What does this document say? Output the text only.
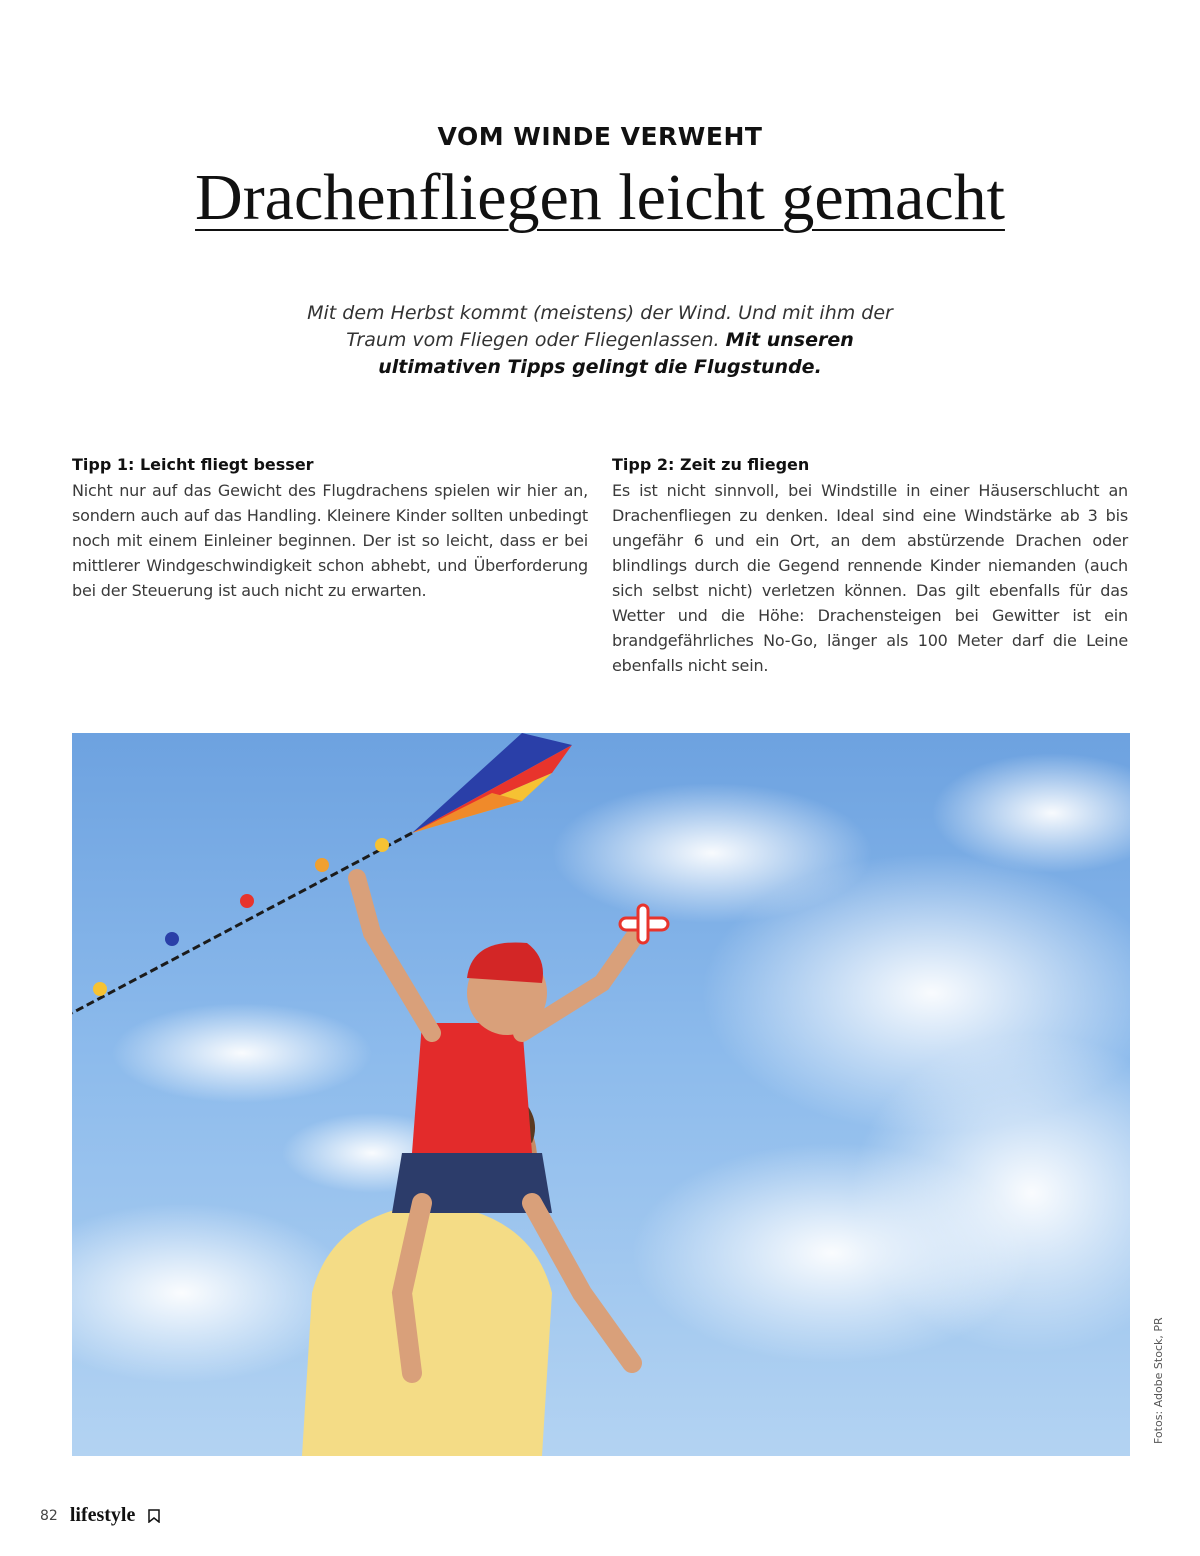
VOM WINDE VERWEHT
Drachenfliegen leicht gemacht
Mit dem Herbst kommt (meistens) der Wind. Und mit ihm der Traum vom Fliegen oder Fliegenlassen. Mit unseren ultimativen Tipps gelingt die Flugstunde.
Tipp 1: Leicht fliegt besser

Nicht nur auf das Gewicht des Flugdrachens spielen wir hier an, sondern auch auf das Handling. Kleinere Kinder sollten unbedingt noch mit einem Einleiner beginnen. Der ist so leicht, dass er bei mittlerer Windgeschwindigkeit schon abhebt, und Überforderung bei der Steuerung ist auch nicht zu erwarten.

Tipp 2: Zeit zu fliegen

Es ist nicht sinnvoll, bei Windstille in einer Häuserschlucht an Drachenfliegen zu denken. Ideal sind eine Windstärke ab 3 bis ungefähr 6 und ein Ort, an dem abstürzende Drachen oder blindlings durch die Gegend rennende Kinder niemanden (auch sich selbst nicht) verletzen können. Das gilt ebenfalls für das Wetter und die Höhe: Drachensteigen bei Gewitter ist ein brandgefährliches No-Go, länger als 100 Meter darf die Leine ebenfalls nicht sein.

Fotos: Adobe Stock, PR
82 lifestyle
